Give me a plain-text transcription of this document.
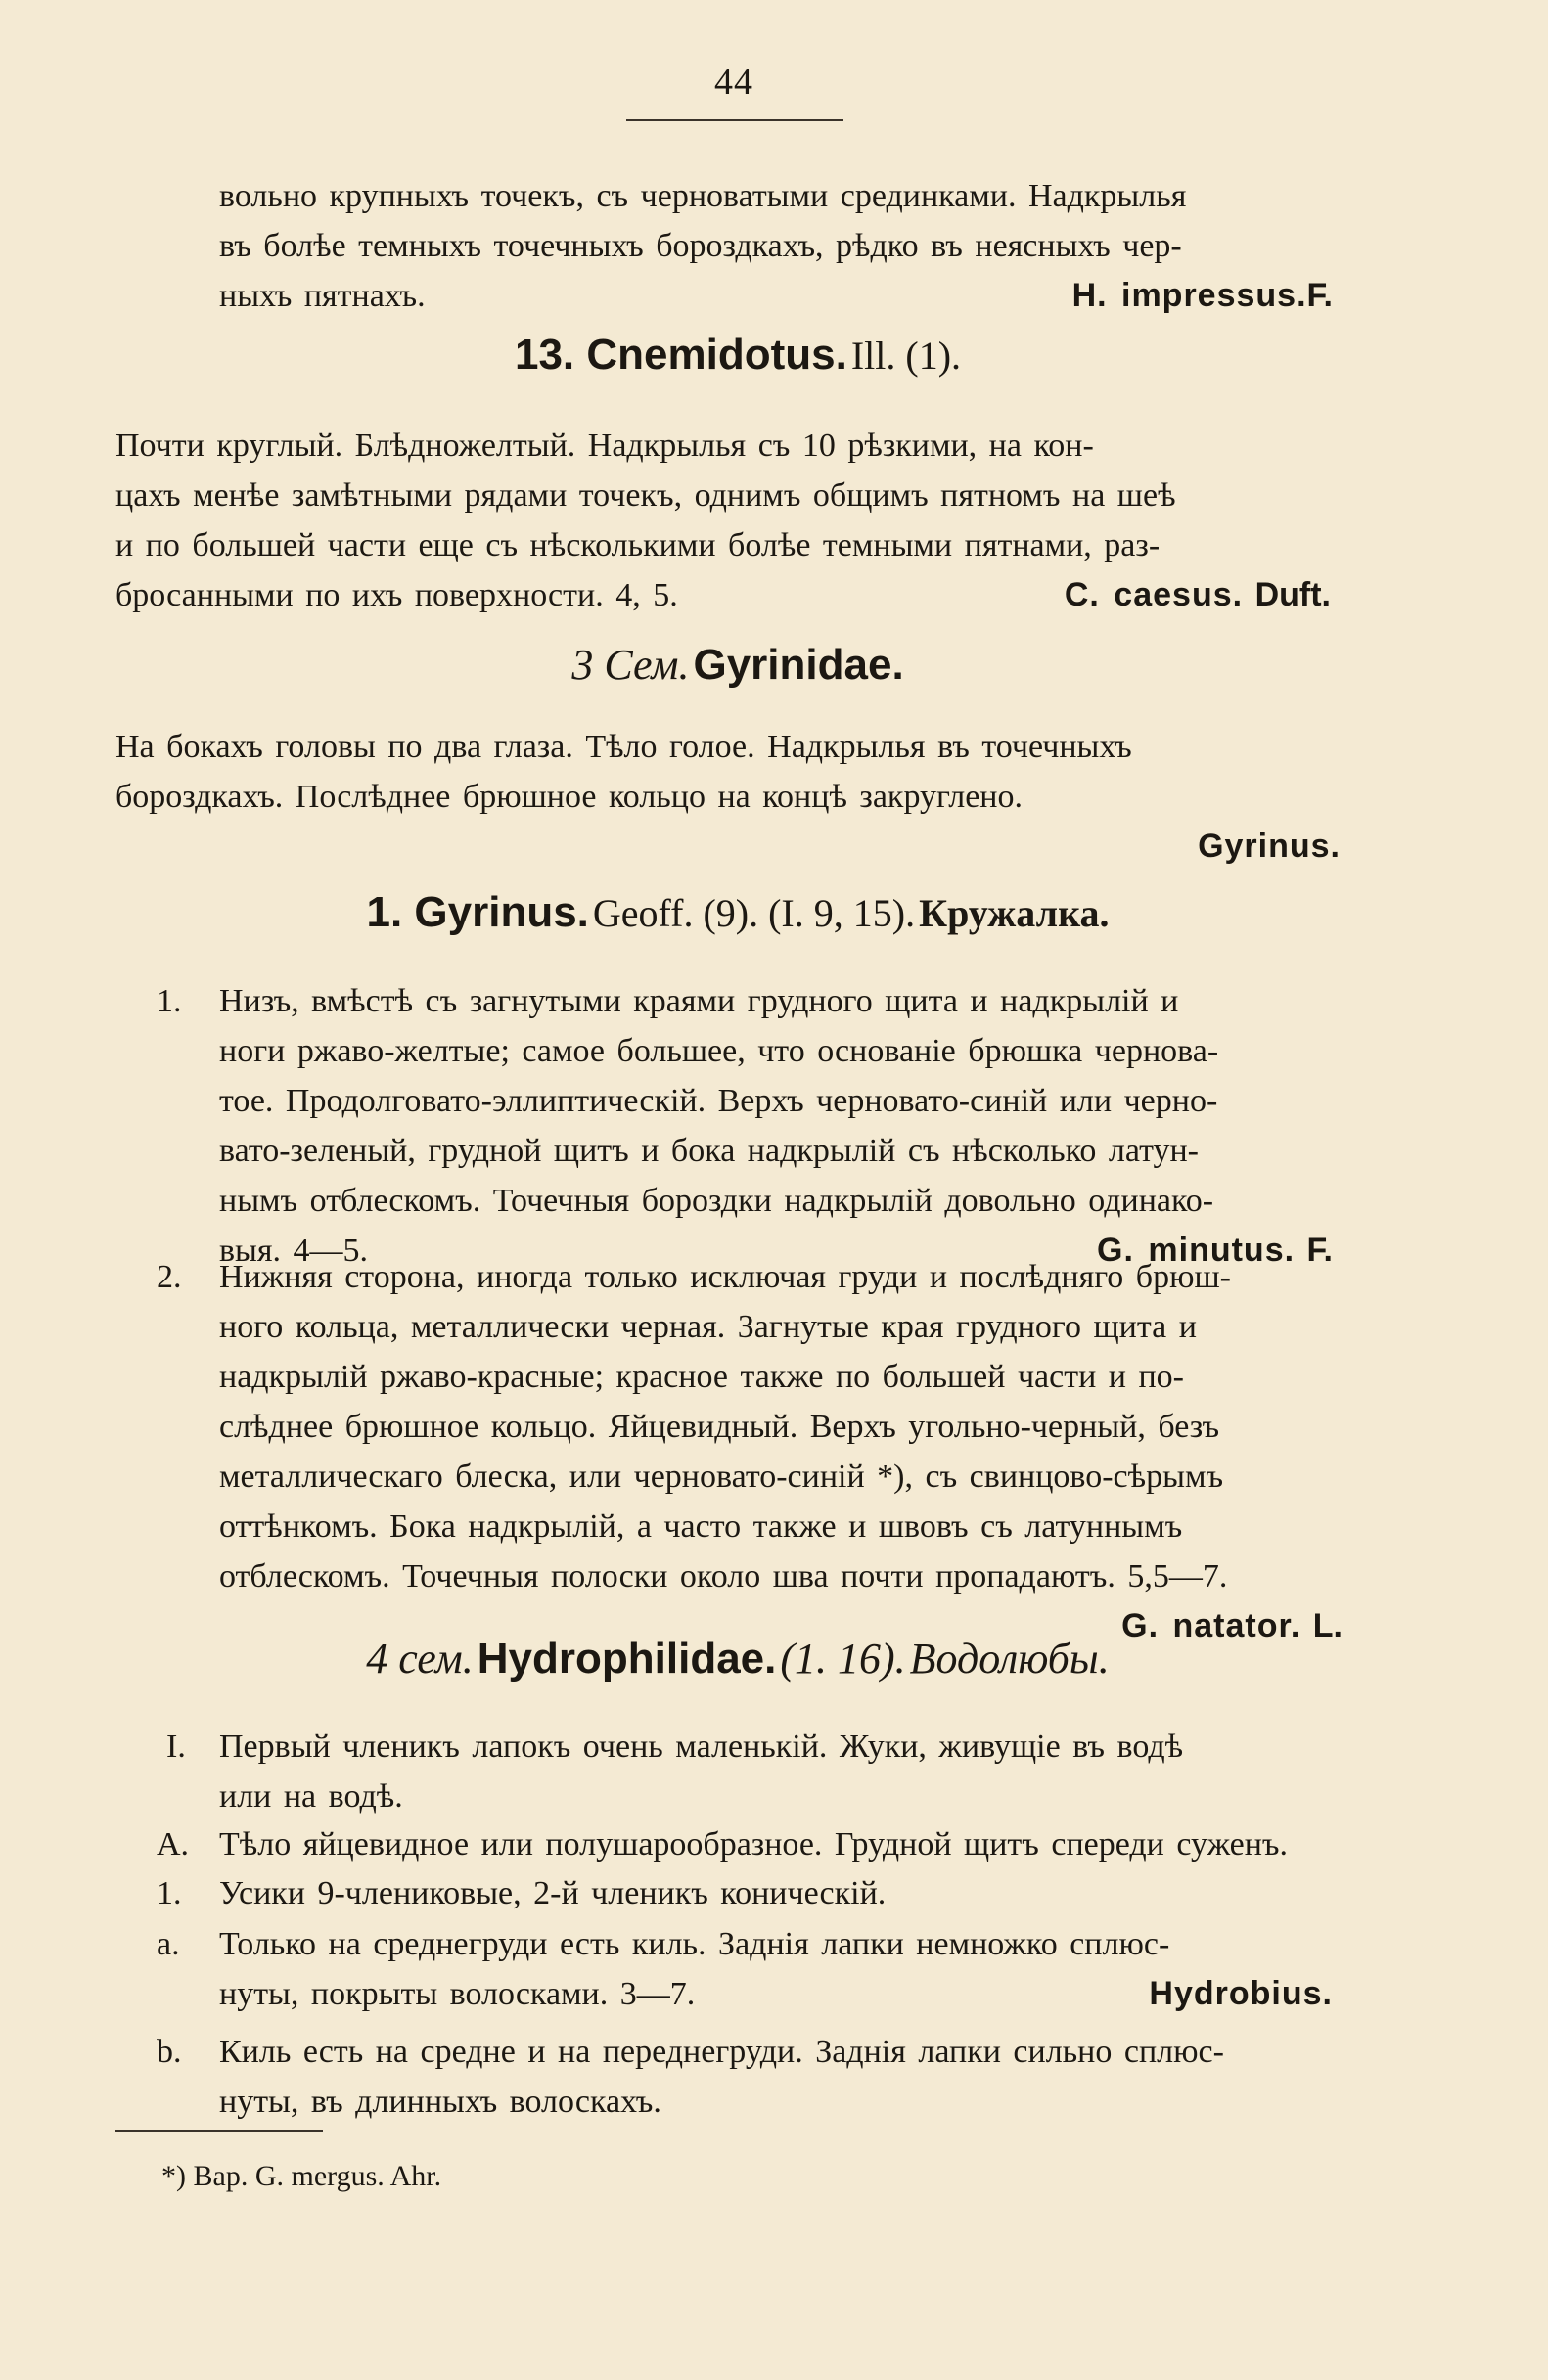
44
вольно крупныхъ точекъ, съ черноватыми срединками. Надкрылья
въ болѣе темныхъ точечныхъ бороздкахъ, рѣдко въ неясныхъ чер-
ныхъ пятнахъ.	H. impressus.F.
13. Cnemidotus. Ill. (1).
Почти круглый. Блѣдножелтый. Надкрылья съ 10 рѣзкими, на кон-
цахъ менѣе замѣтными рядами точекъ, однимъ общимъ пятномъ на шеѣ
и по большей части еще съ нѣсколькими болѣе темными пятнами, раз-
бросанными по ихъ поверхности. 4, 5.	C. caesus. Duft.
3 Сем. Gyrinidae.
На бокахъ головы по два глаза. Тѣло голое. Надкрылья въ точечныхъ
бороздкахъ. Послѣднее брюшное кольцо на концѣ закруглено.
Gyrinus.
1. Gyrinus. Geoff. (9). (I. 9, 15). Кружалка.
1. Низъ, вмѣстѣ съ загнутыми краями грудного щита и надкрылій и
ноги ржаво-желтые; самое большее, что основаніе брюшка чернова-
тое. Продолговато-эллиптическій. Верхъ черновато-синій или черно-
вато-зеленый, грудной щитъ и бока надкрылій съ нѣсколько латун-
нымъ отблескомъ. Точечныя бороздки надкрылій довольно одинако-
выя. 4—5.	G. minutus. F.
2. Нижняя сторона, иногда только исключая груди и послѣдняго брюш-
ного кольца, металлически черная. Загнутые края грудного щита и
надкрылій ржаво-красные; красное также по большей части и по-
слѣднее брюшное кольцо. Яйцевидный. Верхъ угольно-черный, безъ
металлическаго блеска, или черновато-синій *), съ свинцово-сѣрымъ
оттѣнкомъ. Бока надкрылій, а часто также и швовъ съ латуннымъ
отблескомъ. Точечныя полоски около шва почти пропадаютъ. 5,5—7.
G. natator. L.
4 сем. Hydrophilidae. (1. 16). Водолюбы.
I. Первый членикъ лапокъ очень маленькій. Жуки, живущіе въ водѣ
или на водѣ.
A. Тѣло яйцевидное или полушарообразное. Грудной щитъ спереди суженъ.
1. Усики 9-члениковые, 2-й членикъ коническій.
a. Только на среднегруди есть киль. Заднія лапки немножко сплюс-
нуты, покрыты волосками. 3—7.	Hydrobius.
b. Киль есть на средне и на переднегруди. Заднія лапки сильно сплюс-
нуты, въ длинныхъ волоскахъ.
*) Вар. G. mergus. Ahr.
